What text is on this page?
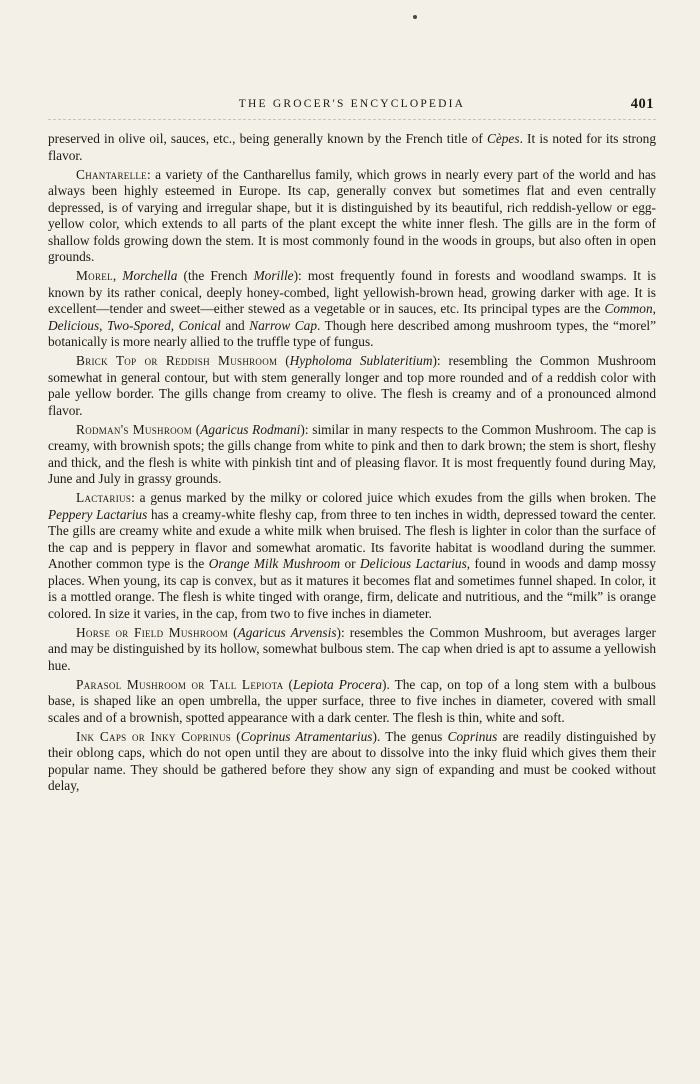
THE GROCER'S ENCYCLOPEDIA	401

preserved in olive oil, sauces, etc., being generally known by the French title of Cèpes. It is noted for its strong flavor.

Chantarelle: a variety of the Cantharellus family, which grows in nearly every part of the world and has always been highly esteemed in Europe. Its cap, generally convex but sometimes flat and even centrally depressed, is of varying and irregular shape, but it is distinguished by its beautiful, rich reddish-yellow or egg-yellow color, which extends to all parts of the plant except the white inner flesh. The gills are in the form of shallow folds growing down the stem. It is most commonly found in the woods in groups, but also often in open grounds.

Morel, Morchella (the French Morille): most frequently found in forests and woodland swamps. It is known by its rather conical, deeply honey-combed, light yellowish-brown head, growing darker with age. It is excellent—tender and sweet—either stewed as a vegetable or in sauces, etc. Its principal types are the Common, Delicious, Two-Spored, Conical and Narrow Cap. Though here described among mushroom types, the “morel” botanically is more nearly allied to the truffle type of fungus.

Brick Top or Reddish Mushroom (Hypholoma Sublateritium): resembling the Common Mushroom somewhat in general contour, but with stem generally longer and top more rounded and of a reddish color with pale yellow border. The gills change from creamy to olive. The flesh is creamy and of a pronounced almond flavor.

Rodman's Mushroom (Agaricus Rodmani): similar in many respects to the Common Mushroom. The cap is creamy, with brownish spots; the gills change from white to pink and then to dark brown; the stem is short, fleshy and thick, and the flesh is white with pinkish tint and of pleasing flavor. It is most frequently found during May, June and July in grassy grounds.

Lactarius: a genus marked by the milky or colored juice which exudes from the gills when broken. The Peppery Lactarius has a creamy-white fleshy cap, from three to ten inches in width, depressed toward the center. The gills are creamy white and exude a white milk when bruised. The flesh is lighter in color than the surface of the cap and is peppery in flavor and somewhat aromatic. Its favorite habitat is woodland during the summer. Another common type is the Orange Milk Mushroom or Delicious Lactarius, found in woods and damp mossy places. When young, its cap is convex, but as it matures it becomes flat and sometimes funnel shaped. In color, it is a mottled orange. The flesh is white tinged with orange, firm, delicate and nutritious, and the “milk” is orange colored. In size it varies, in the cap, from two to five inches in diameter.

Horse or Field Mushroom (Agaricus Arvensis): resembles the Common Mushroom, but averages larger and may be distinguished by its hollow, somewhat bulbous stem. The cap when dried is apt to assume a yellowish hue.

Parasol Mushroom or Tall Lepiota (Lepiota Procera). The cap, on top of a long stem with a bulbous base, is shaped like an open umbrella, the upper surface, three to five inches in diameter, covered with small scales and of a brownish, spotted appearance with a dark center. The flesh is thin, white and soft.

Ink Caps or Inky Coprinus (Coprinus Atramentarius). The genus Coprinus are readily distinguished by their oblong caps, which do not open until they are about to dissolve into the inky fluid which gives them their popular name. They should be gathered before they show any sign of expanding and must be cooked without delay,
